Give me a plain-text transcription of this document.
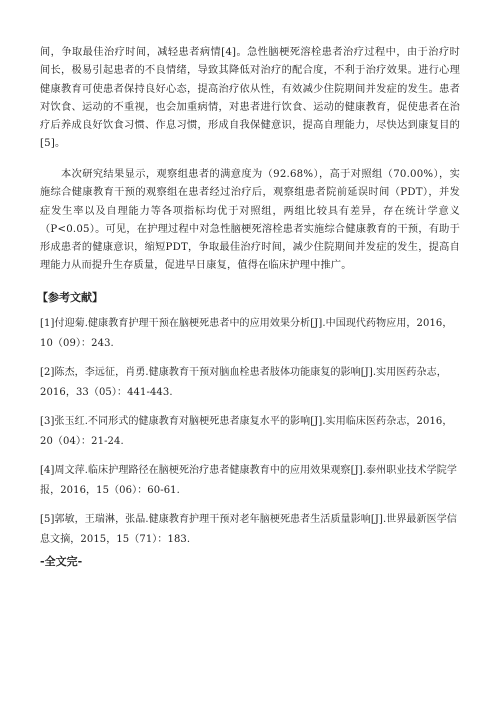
间，争取最佳治疗时间，减轻患者病情[4]。急性脑梗死溶栓患者治疗过程中，由于治疗时间长，极易引起患者的不良情绪，导致其降低对治疗的配合度，不利于治疗效果。进行心理健康教育可使患者保持良好心态，提高治疗依从性，有效减少住院期间并发症的发生。患者对饮食、运动的不重视，也会加重病情，对患者进行饮食、运动的健康教育，促使患者在治疗后养成良好饮食习惯、作息习惯，形成自我保健意识，提高自理能力，尽快达到康复目的[5]。

本次研究结果显示，观察组患者的满意度为（92.68%），高于对照组（70.00%），实施综合健康教育干预的观察组在患者经过治疗后，观察组患者院前延误时间（PDT），并发症发生率以及自理能力等各项指标均优于对照组，两组比较具有差异，存在统计学意义（P<0.05）。可见，在护理过程中对急性脑梗死溶栓患者实施综合健康教育的干预，有助于形成患者的健康意识，缩短PDT，争取最佳治疗时间，减少住院期间并发症的发生，提高自理能力从而提升生存质量，促进早日康复，值得在临床护理中推广。

【参考文献】
[1]付迎菊.健康教育护理干预在脑梗死患者中的应用效果分析[J].中国现代药物应用，2016，10（09）：243.
[2]陈杰，李远征，肖勇.健康教育干预对脑血栓患者肢体功能康复的影响[J].实用医药杂志，2016，33（05）：441-443.
[3]张玉红.不同形式的健康教育对脑梗死患者康复水平的影响[J].实用临床医药杂志，2016，20（04）：21-24.
[4]周文萍.临床护理路径在脑梗死治疗患者健康教育中的应用效果观察[J].泰州职业技术学院学报，2016，15（06）：60-61.
[5]郭敏，王瑞淋，张晶.健康教育护理干预对老年脑梗死患者生活质量影响[J].世界最新医学信息文摘，2015，15（71）：183.

-全文完-
